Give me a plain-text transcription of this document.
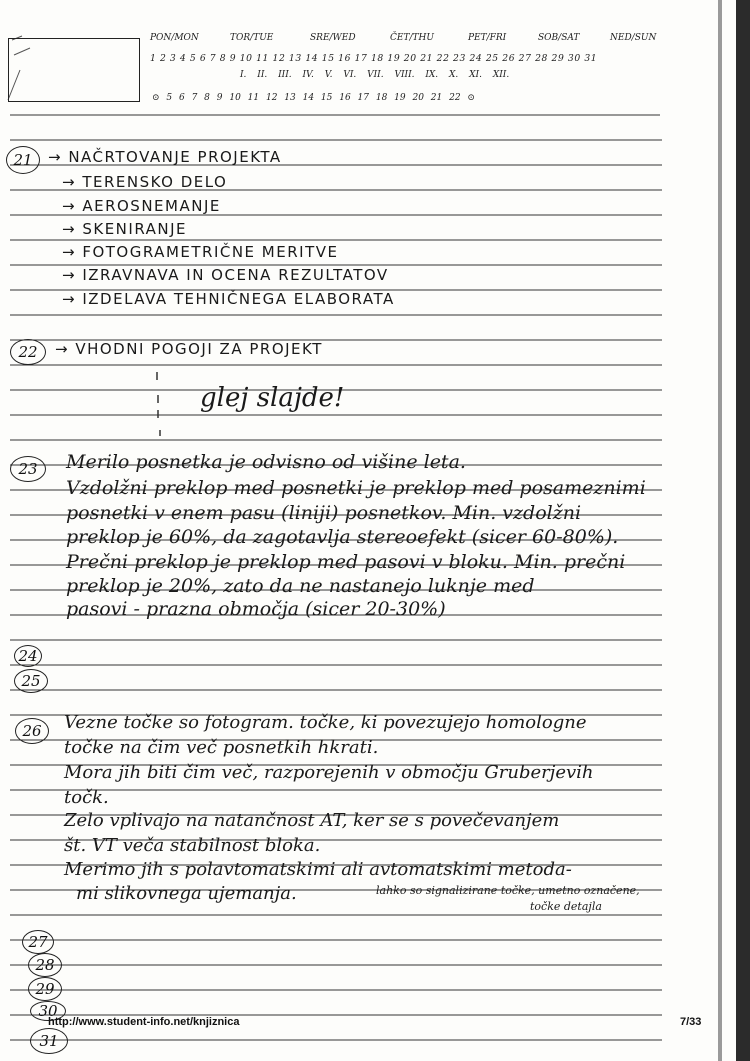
PON/MON	TOR/TUE	SRE/WED	ČET/THU	PET/FRI	SOB/SAT	NED/SUN
1 2 3 4 5 6 7 8 9 10 11 12 13 14 15 16 17 18 19 20 21 22 23 24 25 26 27 28 29 30 31
I. II. III. IV. V. VI. VII. VIII. IX. X. XI. XII.
⊙ 5 6 7 8 9 10 11 12 13 14 15 16 17 18 19 20 21 22 ⊙
21	→ NAČRTOVANJE PROJEKTA
→ TERENSKO DELO
→ AEROSNEMANJE
→ SKENIRANJE
→ FOTOGRAMETRIČNE MERITVE
→ IZRAVNAVA IN OCENA REZULTATOV
→ IZDELAVA TEHNIČNEGA ELABORATA
22	→ VHODNI POGOJI ZA PROJEKT
glej slajde!
23	Merilo posnetka je odvisno od višine leta.
Vzdolžni preklop med posnetki je preklop med posameznimi
posnetki v enem pasu (liniji) posnetkov. Min. vzdolžni
preklop je 60%, da zagotavlja stereoefekt (sicer 60-80%).
Prečni preklop je preklop med pasovi v bloku. Min. prečni
preklop je 20%, zato da ne nastanejo luknje med
pasovi - prazna območja (sicer 20-30%)
24
25
26	Vezne točke so fotogram. točke, ki povezujejo homologne
točke na čim več posnetkih hkrati.
Mora jih biti čim več, razporejenih v območju Gruberjevih
točk.
Zelo vplivajo na natančnost AT, ker se s povečevanjem
št. VT veča stabilnost bloka.
Merimo jih s polavtomatskimi ali avtomatskimi metoda-
mi slikovnega ujemanja.	lahko so signalizirane točke, umetno označene,
točke detajla
27
28
29
30
31
http://www.student-info.net/knjiznica	7/33
